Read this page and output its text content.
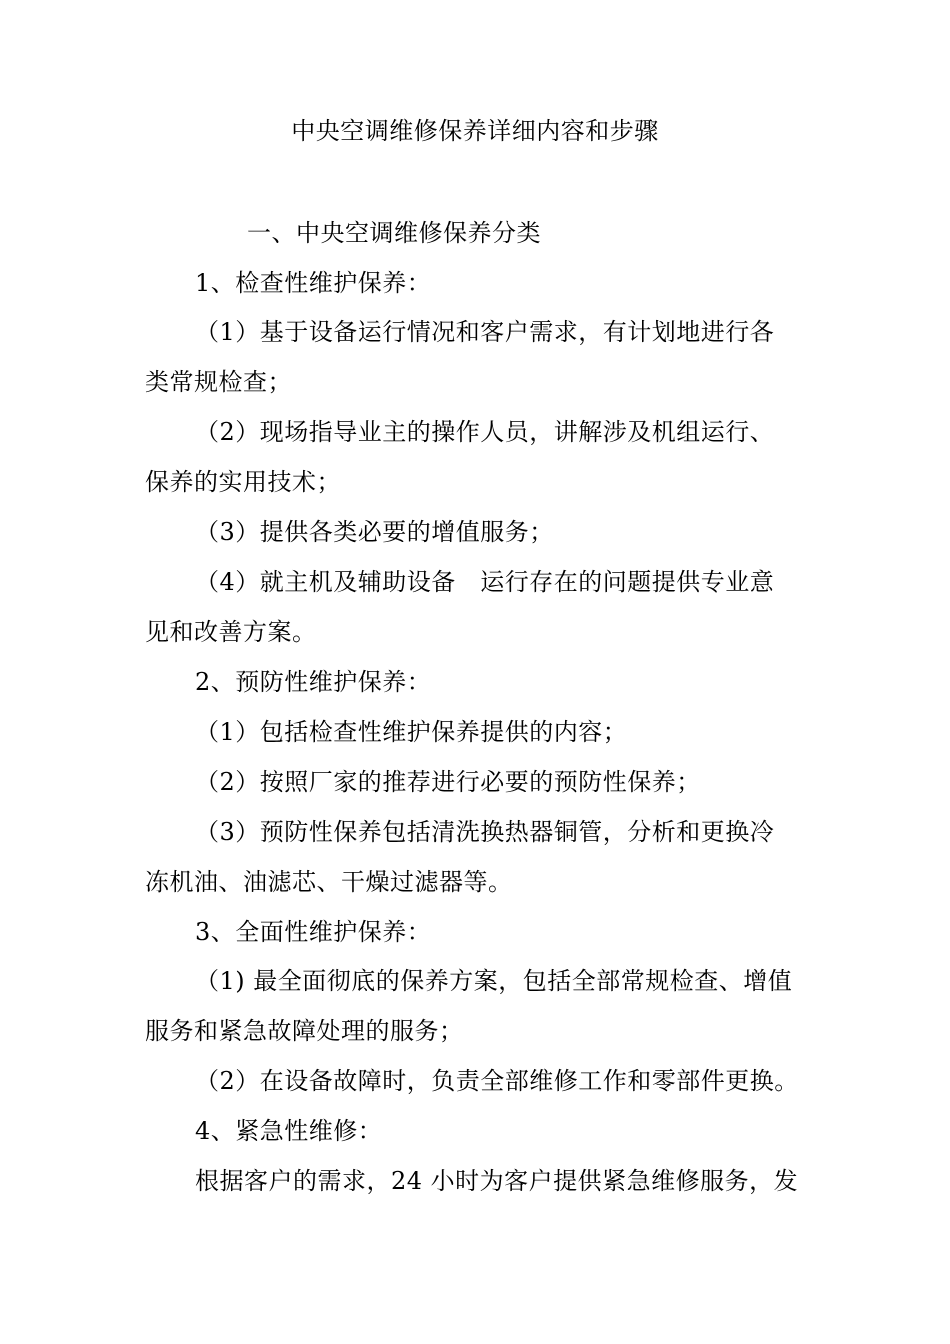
中央空调维修保养详细内容和步骤
一、中央空调维修保养分类
1、检查性维护保养：
（1）基于设备运行情况和客户需求，有计划地进行各
类常规检查；
（2）现场指导业主的操作人员，讲解涉及机组运行、
保养的实用技术；
（3）提供各类必要的增值服务；
（4）就主机及辅助设备　运行存在的问题提供专业意
见和改善方案。
2、预防性维护保养：
（1）包括检查性维护保养提供的内容；
（2）按照厂家的推荐进行必要的预防性保养；
（3）预防性保养包括清洗换热器铜管，分析和更换冷
冻机油、油滤芯、干燥过滤器等。
3、全面性维护保养：
（1) 最全面彻底的保养方案，包括全部常规检查、增值
服务和紧急故障处理的服务；
（2）在设备故障时，负责全部维修工作和零部件更换。
4、紧急性维修：
根据客户的需求，24 小时为客户提供紧急维修服务，发
